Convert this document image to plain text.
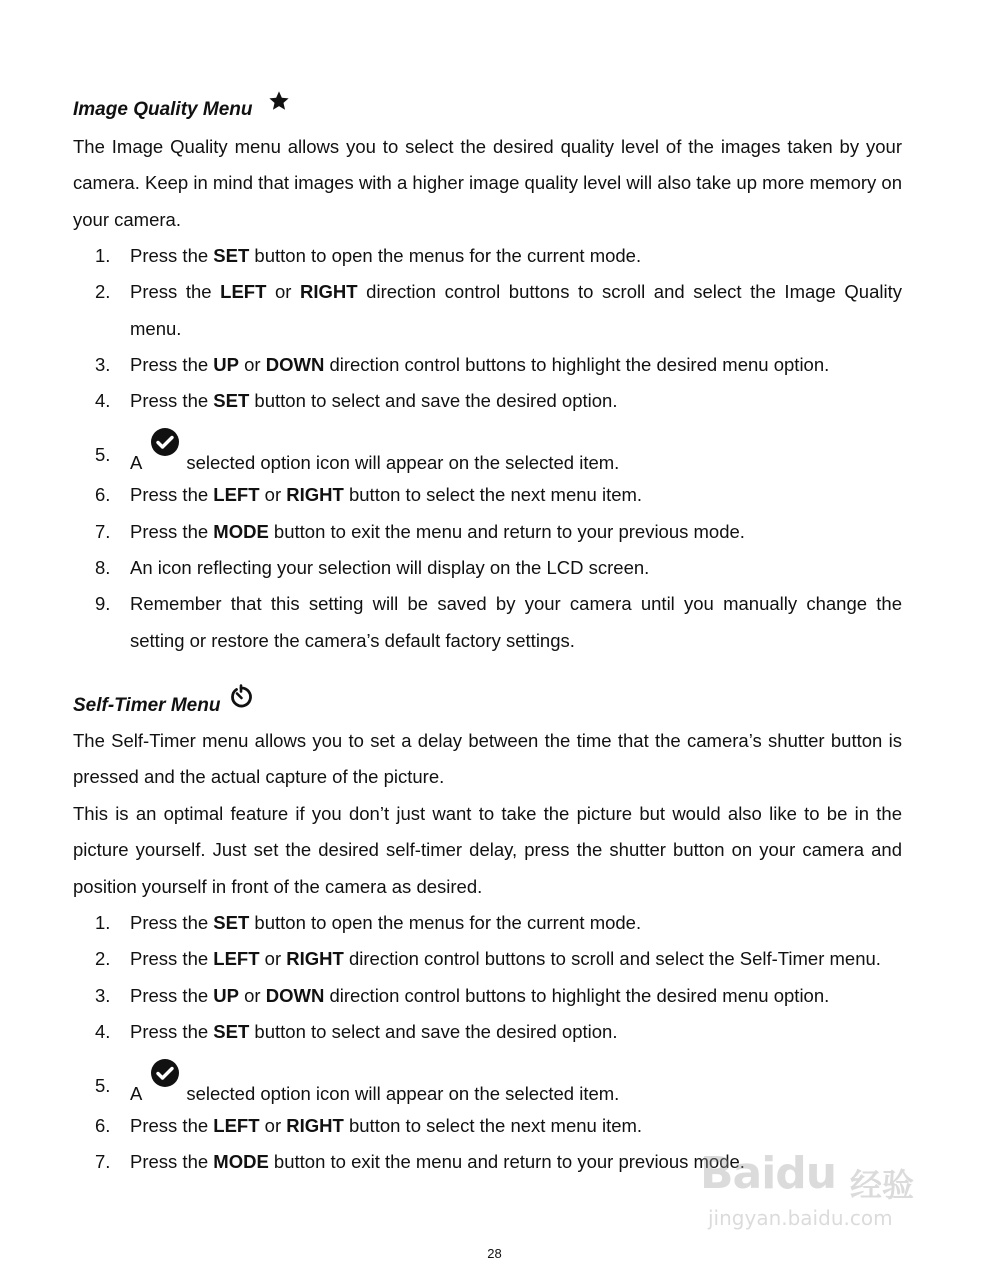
Image Quality Menu
The Image Quality menu allows you to select the desired quality level of the images taken by your camera. Keep in mind that images with a higher image quality level will also take up more memory on your camera.
1. Press the SET button to open the menus for the current mode.
2. Press the LEFT or RIGHT direction control buttons to scroll and select the Image Quality menu.
3. Press the UP or DOWN direction control buttons to highlight the desired menu option.
4. Press the SET button to select and save the desired option.
5. A selected option icon will appear on the selected item.
6. Press the LEFT or RIGHT button to select the next menu item.
7. Press the MODE button to exit the menu and return to your previous mode.
8. An icon reflecting your selection will display on the LCD screen.
9. Remember that this setting will be saved by your camera until you manually change the setting or restore the camera’s default factory settings.
Self-Timer Menu
The Self-Timer menu allows you to set a delay between the time that the camera’s shutter button is pressed and the actual capture of the picture.
This is an optimal feature if you don’t just want to take the picture but would also like to be in the picture yourself. Just set the desired self-timer delay, press the shutter button on your camera and position yourself in front of the camera as desired.
1. Press the SET button to open the menus for the current mode.
2. Press the LEFT or RIGHT direction control buttons to scroll and select the Self-Timer menu.
3. Press the UP or DOWN direction control buttons to highlight the desired menu option.
4. Press the SET button to select and save the desired option.
5. A selected option icon will appear on the selected item.
6. Press the LEFT or RIGHT button to select the next menu item.
7. Press the MODE button to exit the menu and return to your previous mode.
Baidu 经验
jingyan.baidu.com
28
